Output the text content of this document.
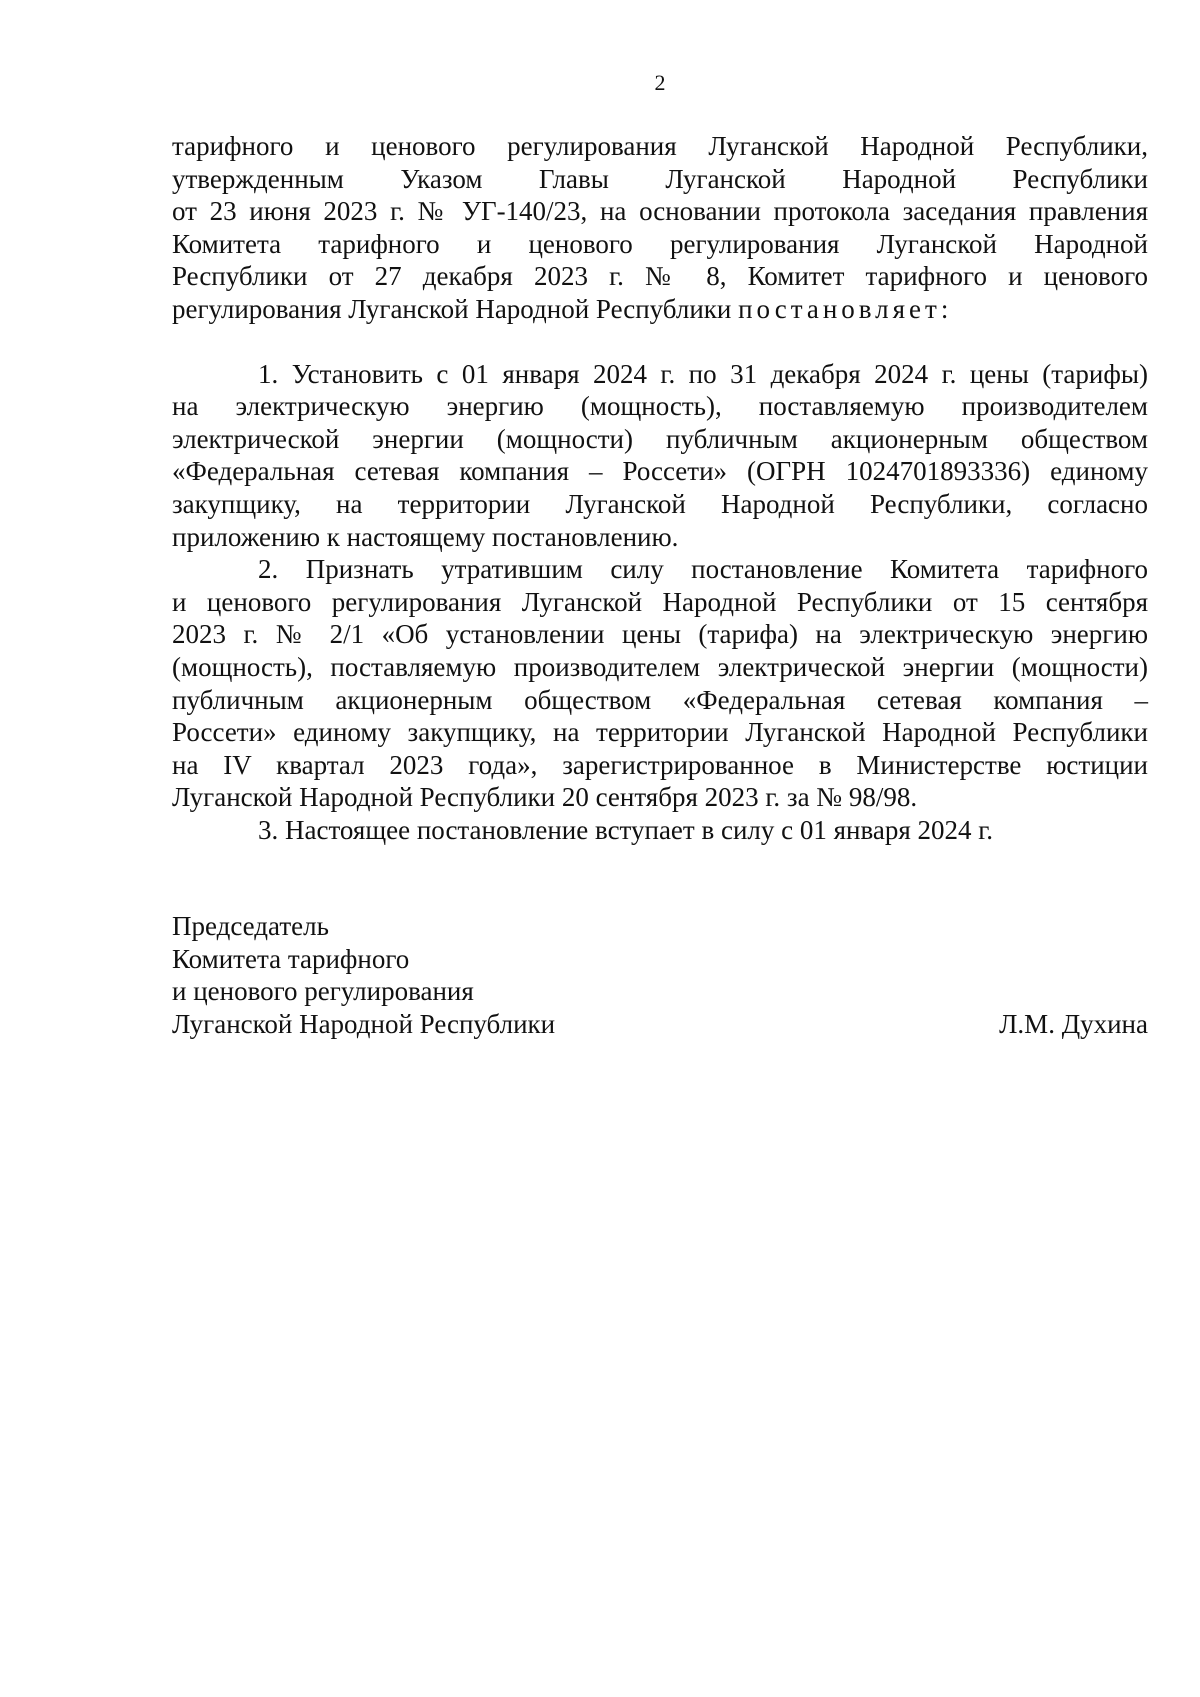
2
тарифного и ценового регулирования Луганской Народной Республики,
утвержденным Указом Главы Луганской Народной Республики
от 23 июня 2023 г. № УГ-140/23, на основании протокола заседания правления
Комитета тарифного и ценового регулирования Луганской Народной
Республики от 27 декабря 2023 г. № 8, Комитет тарифного и ценового
регулирования Луганской Народной Республики постановляет:
1. Установить с 01 января 2024 г. по 31 декабря 2024 г. цены (тарифы)
на электрическую энергию (мощность), поставляемую производителем
электрической энергии (мощности) публичным акционерным обществом
«Федеральная сетевая компания – Россети» (ОГРН 1024701893336) единому
закупщику, на территории Луганской Народной Республики, согласно
приложению к настоящему постановлению.
2. Признать утратившим силу постановление Комитета тарифного
и ценового регулирования Луганской Народной Республики от 15 сентября
2023 г. № 2/1 «Об установлении цены (тарифа) на электрическую энергию
(мощность), поставляемую производителем электрической энергии (мощности)
публичным акционерным обществом «Федеральная сетевая компания –
Россети» единому закупщику, на территории Луганской Народной Республики
на IV квартал 2023 года», зарегистрированное в Министерстве юстиции
Луганской Народной Республики 20 сентября 2023 г. за № 98/98.
3. Настоящее постановление вступает в силу с 01 января 2024 г.
Председатель
Комитета тарифного
и ценового регулирования
Луганской Народной Республики	Л.М. Духина
